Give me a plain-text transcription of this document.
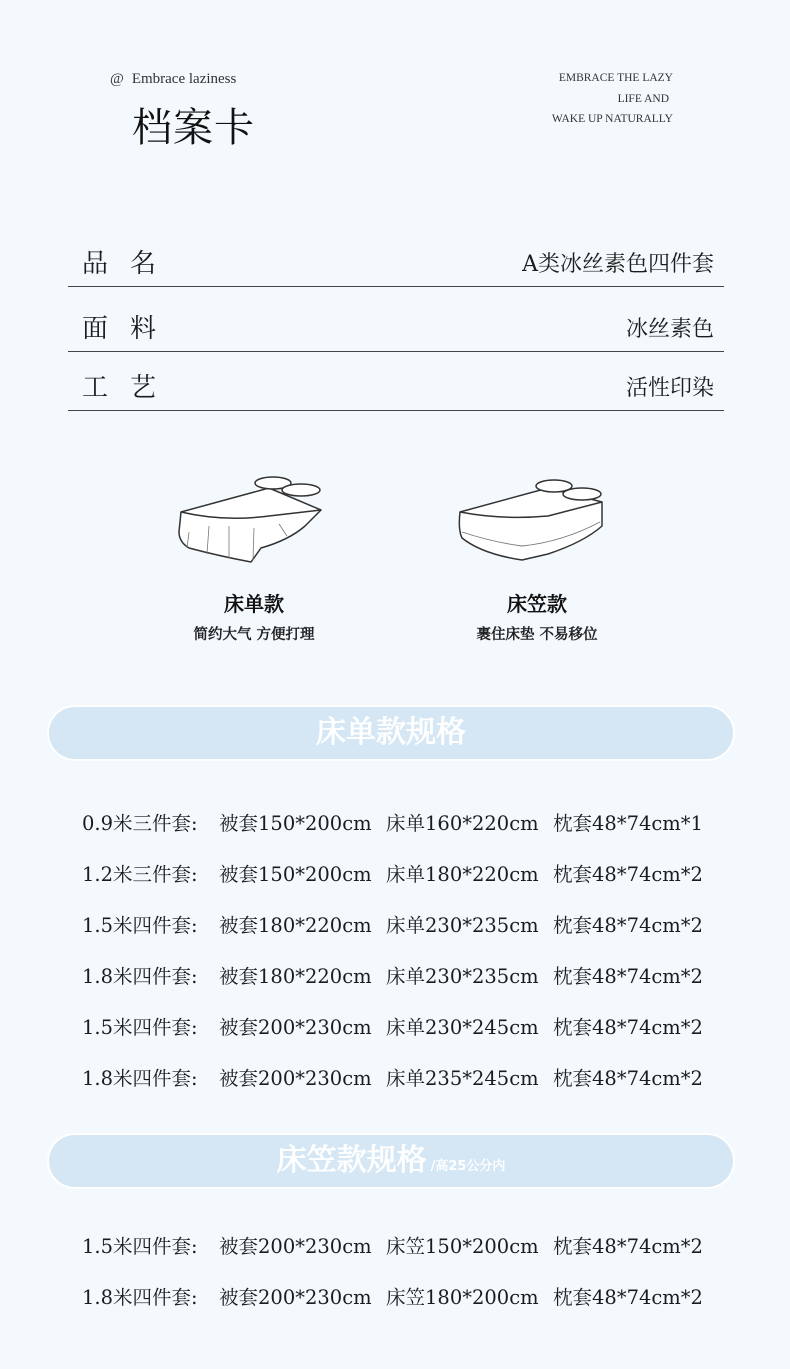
@ Embrace laziness
档案卡
EMBRACE THE LAZY
LIFE AND
WAKE UP NATURALLY
品名	A类冰丝素色四件套
面料	冰丝素色
工艺	活性印染
床单款
简约大气 方便打理
床笠款
裹住床垫 不易移位
床单款规格
0.9米三件套: 被套150*200cm 床单160*220cm 枕套48*74cm*1
1.2米三件套: 被套150*200cm 床单180*220cm 枕套48*74cm*2
1.5米四件套: 被套180*220cm 床单230*235cm 枕套48*74cm*2
1.8米四件套: 被套180*220cm 床单230*235cm 枕套48*74cm*2
1.5米四件套: 被套200*230cm 床单230*245cm 枕套48*74cm*2
1.8米四件套: 被套200*230cm 床单235*245cm 枕套48*74cm*2
床笠款规格 /高25公分内
1.5米四件套: 被套200*230cm 床笠150*200cm 枕套48*74cm*2
1.8米四件套: 被套200*230cm 床笠180*200cm 枕套48*74cm*2
